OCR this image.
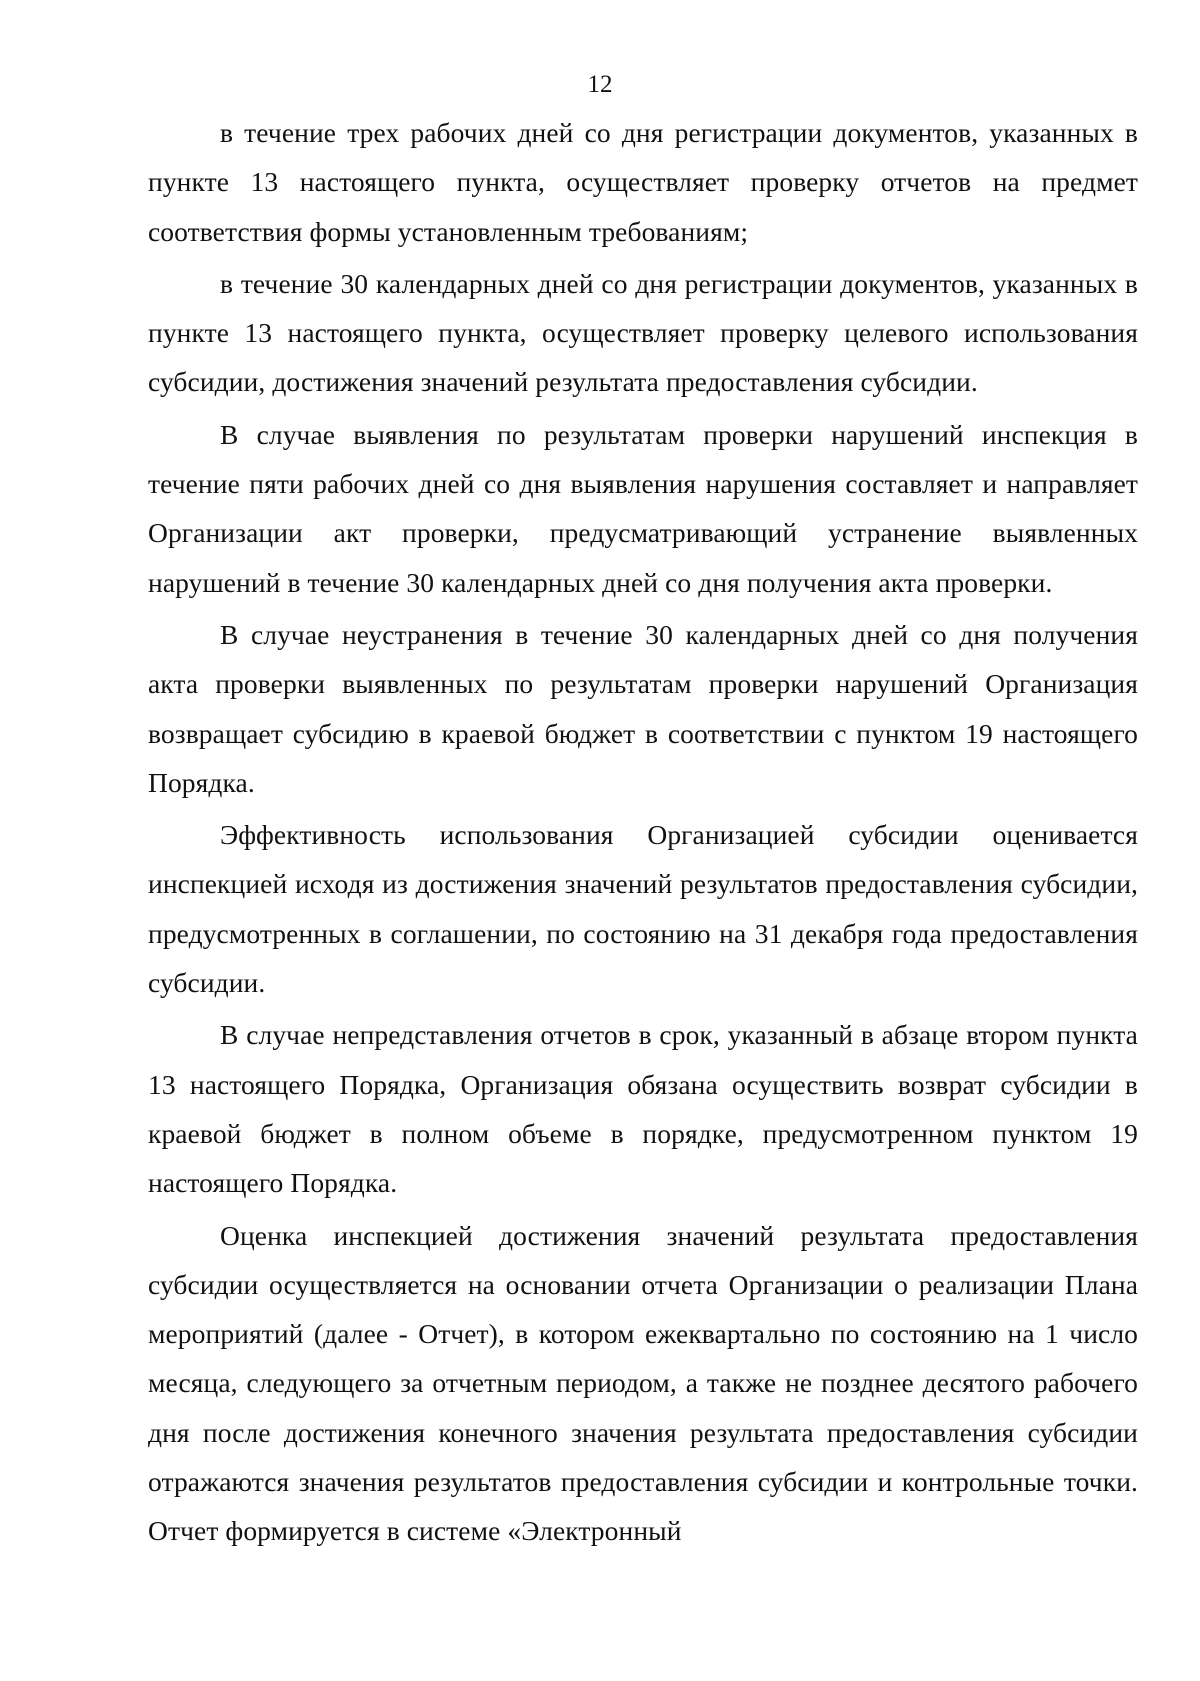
12

в течение трех рабочих дней со дня регистрации документов, указанных в пункте 13 настоящего пункта, осуществляет проверку отчетов на предмет соответствия формы установленным требованиям;

в течение 30 календарных дней со дня регистрации документов, указанных в пункте 13 настоящего пункта, осуществляет проверку целевого использования субсидии, достижения значений результата предоставления субсидии.

В случае выявления по результатам проверки нарушений инспекция в течение пяти рабочих дней со дня выявления нарушения составляет и направляет Организации акт проверки, предусматривающий устранение выявленных нарушений в течение 30 календарных дней со дня получения акта проверки.

В случае неустранения в течение 30 календарных дней со дня получения акта проверки выявленных по результатам проверки нарушений Организация возвращает субсидию в краевой бюджет в соответствии с пунктом 19 настоящего Порядка.

Эффективность использования Организацией субсидии оценивается инспекцией исходя из достижения значений результатов предоставления субсидии, предусмотренных в соглашении, по состоянию на 31 декабря года предоставления субсидии.

В случае непредставления отчетов в срок, указанный в абзаце втором пункта 13 настоящего Порядка, Организация обязана осуществить возврат субсидии в краевой бюджет в полном объеме в порядке, предусмотренном пунктом 19 настоящего Порядка.

Оценка инспекцией достижения значений результата предоставления субсидии осуществляется на основании отчета Организации о реализации Плана мероприятий (далее - Отчет), в котором ежеквартально по состоянию на 1 число месяца, следующего за отчетным периодом, а также не позднее десятого рабочего дня после достижения конечного значения результата предоставления субсидии отражаются значения результатов предоставления субсидии и контрольные точки. Отчет формируется в системе «Электронный
